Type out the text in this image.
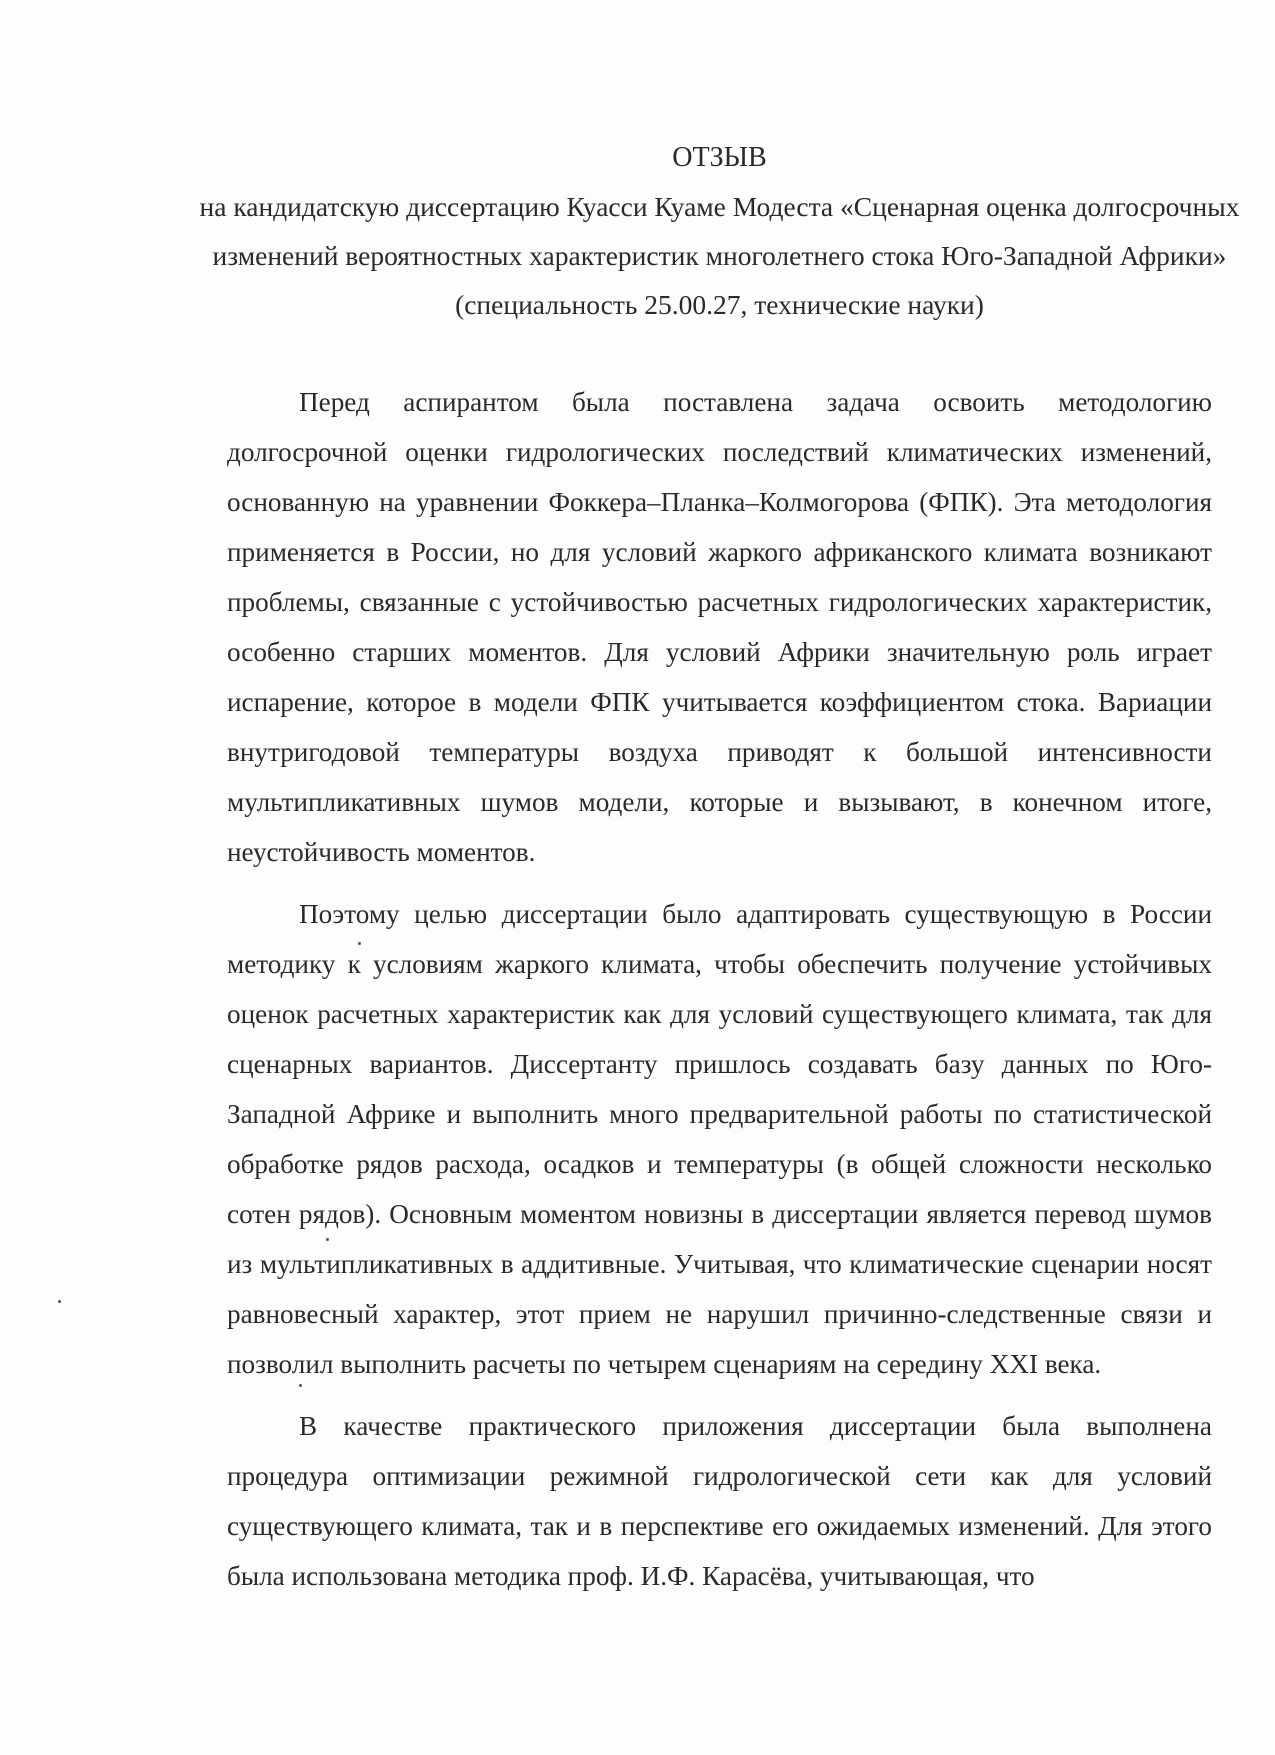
ОТЗЫВ

на кандидатскую диссертацию Куасси Куаме Модеста «Сценарная оценка долгосрочных изменений вероятностных характеристик многолетнего стока Юго-Западной Африки» (специальность 25.00.27, технические науки)

Перед аспирантом была поставлена задача освоить методологию долгосрочной оценки гидрологических последствий климатических изменений, основанную на уравнении Фоккера–Планка–Колмогорова (ФПК). Эта методология применяется в России, но для условий жаркого африканского климата возникают проблемы, связанные с устойчивостью расчетных гидрологических характеристик, особенно старших моментов. Для условий Африки значительную роль играет испарение, которое в модели ФПК учитывается коэффициентом стока. Вариации внутригодовой температуры воздуха приводят к большой интенсивности мультипликативных шумов модели, которые и вызывают, в конечном итоге, неустойчивость моментов.

Поэтому целью диссертации было адаптировать существующую в России методику к условиям жаркого климата, чтобы обеспечить получение устойчивых оценок расчетных характеристик как для условий существующего климата, так для сценарных вариантов. Диссертанту пришлось создавать базу данных по Юго-Западной Африке и выполнить много предварительной работы по статистической обработке рядов расхода, осадков и температуры (в общей сложности несколько сотен рядов). Основным моментом новизны в диссертации является перевод шумов из мультипликативных в аддитивные. Учитывая, что климатические сценарии носят равновесный характер, этот прием не нарушил причинно-следственные связи и позволил выполнить расчеты по четырем сценариям на середину XXI века.

В качестве практического приложения диссертации была выполнена процедура оптимизации режимной гидрологической сети как для условий существующего климата, так и в перспективе его ожидаемых изменений. Для этого была использована методика проф. И.Ф. Карасёва, учитывающая, что
